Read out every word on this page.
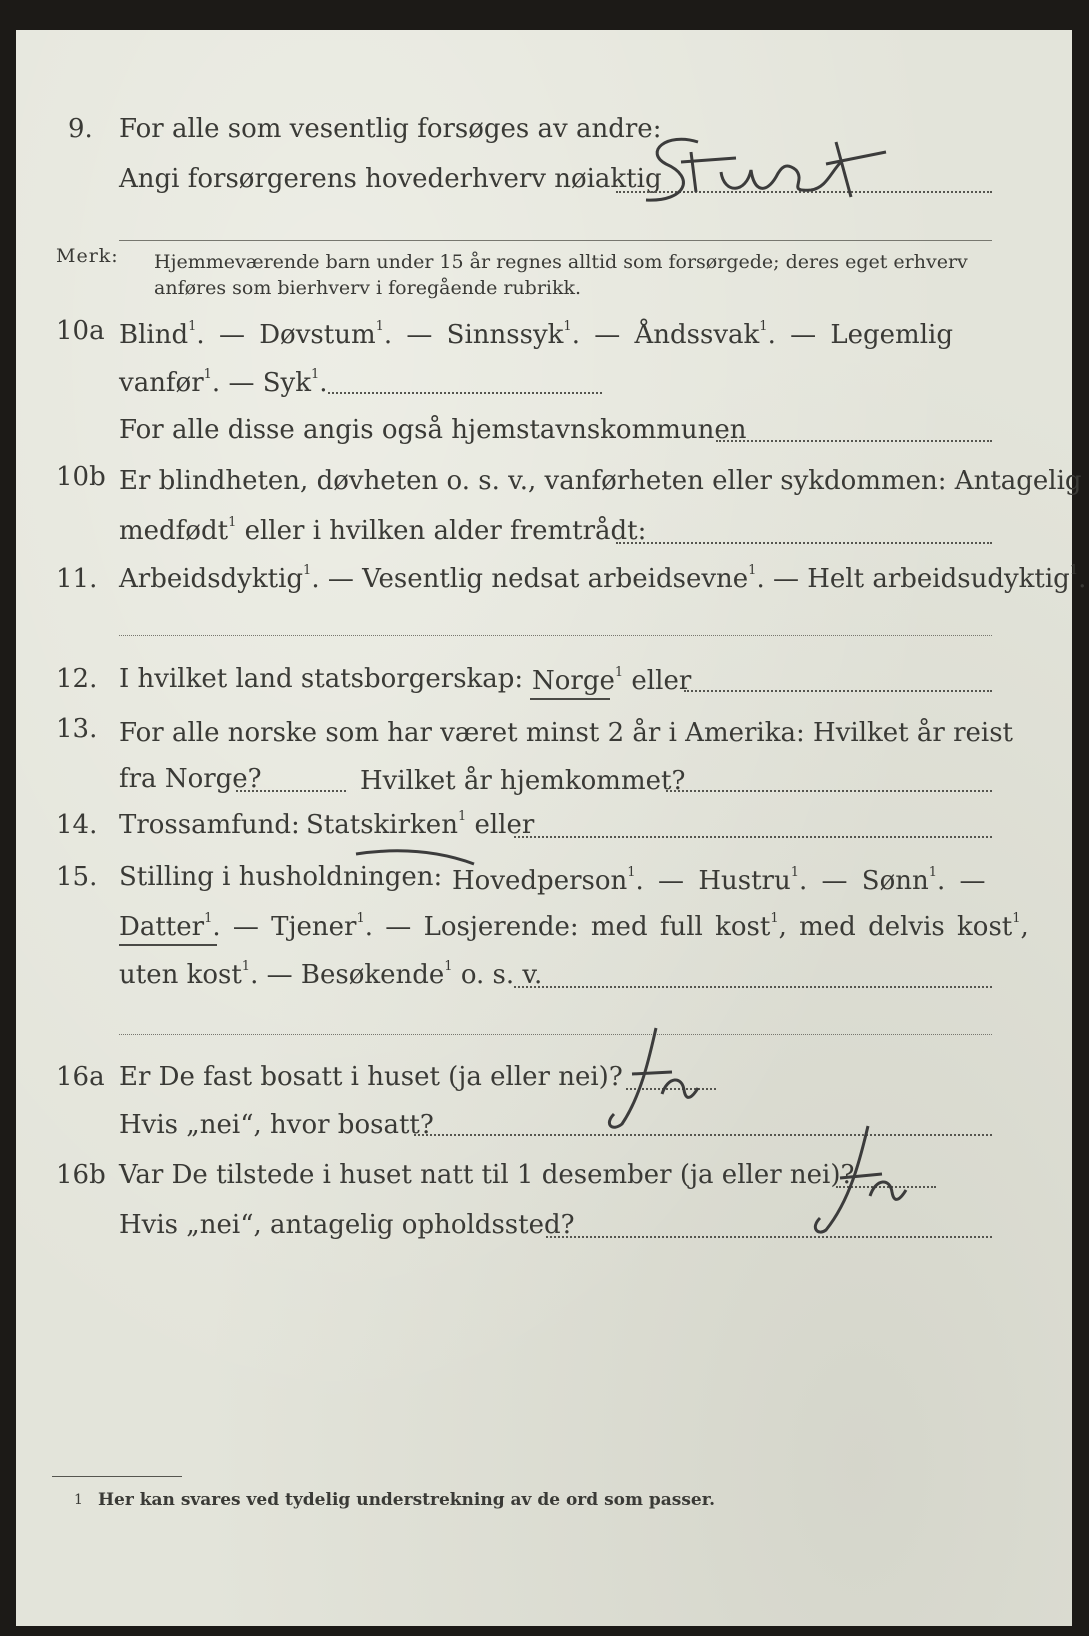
9. For alle som vesentlig forsøges av andre:
Angi forsørgerens hovederhverv nøiaktig
Merk: Hjemmeværende barn under 15 år regnes alltid som forsørgede; deres eget erhverv
anføres som bierhverv i foregående rubrikk.
10a Blind$^1$. — Døvstum$^1$. — Sinnssyk$^1$. — Åndssvak$^1$. — Legemlig
vanfør$^1$. — Syk$^1$.
For alle disse angis også hjemstavnskommunen
10b Er blindheten, døvheten o. s. v., vanførheten eller sykdommen: Antagelig
medfødt$^1$ eller i hvilken alder fremtrådt:
11. Arbeidsdyktig$^1$. — Vesentlig nedsat arbeidsevne$^1$. — Helt arbeidsudyktig$^1$.
12. I hvilket land statsborgerskap: Norge$^1$ eller
13. For alle norske som har været minst 2 år i Amerika: Hvilket år reist
fra Norge?	Hvilket år hjemkommet?
14. Trossamfund: Statskirken$^1$ eller
15. Stilling i husholdningen: Hovedperson$^1$. — Hustru$^1$. — Sønn$^1$. —
Datter$^1$. — Tjener$^1$. — Losjerende: med full kost$^1$, med delvis kost$^1$,
uten kost$^1$. — Besøkende$^1$ o. s. v.
16a Er De fast bosatt i huset (ja eller nei)?
Hvis „nei“, hvor bosatt?
16b Var De tilstede i huset natt til 1 desember (ja eller nei)?
Hvis „nei“, antagelig opholdssted?
1 Her kan svares ved tydelig understrekning av de ord som passer.
